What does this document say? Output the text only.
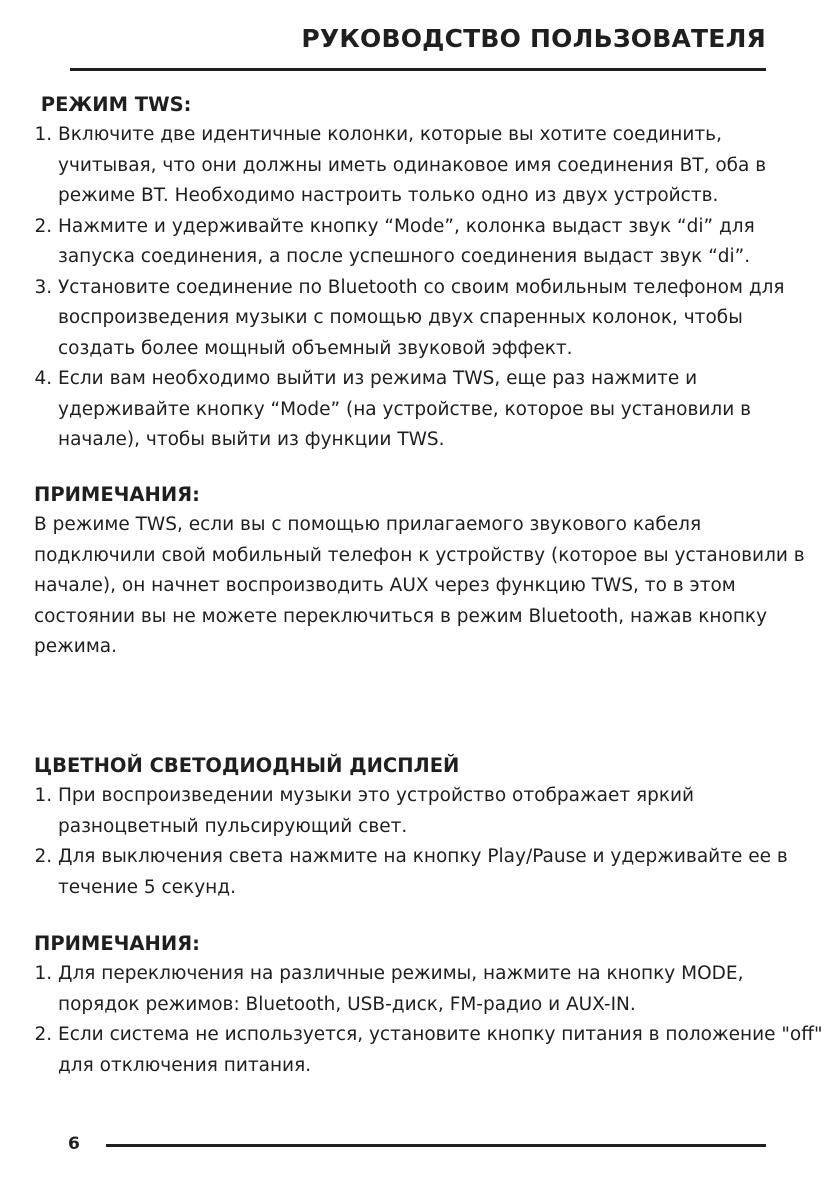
РУКОВОДСТВО ПОЛЬЗОВАТЕЛЯ
РЕЖИМ TWS:
1. Включите две идентичные колонки, которые вы хотите соединить, учитывая, что они должны иметь одинаковое имя соединения BT, оба в режиме BT. Необходимо настроить только одно из двух устройств.
2. Нажмите и удерживайте кнопку “Mode”, колонка выдаст звук “di” для запуска соединения, а после успешного соединения выдаст звук “di”.
3. Установите соединение по Bluetooth со своим мобильным телефоном для воспроизведения музыки с помощью двух спаренных колонок, чтобы создать более мощный объемный звуковой эффект.
4. Если вам необходимо выйти из режима TWS, еще раз нажмите и удерживайте кнопку “Mode” (на устройстве, которое вы установили в начале), чтобы выйти из функции TWS.
ПРИМЕЧАНИЯ:

В режиме TWS, если вы с помощью прилагаемого звукового кабеля подключили свой мобильный телефон к устройству (которое вы установили в начале), он начнет воспроизводить AUX через функцию TWS, то в этом состоянии вы не можете переключиться в режим Bluetooth, нажав кнопку режима.

ЦВЕТНОЙ СВЕТОДИОДНЫЙ ДИСПЛЕЙ
1. При воспроизведении музыки это устройство отображает яркий разноцветный пульсирующий свет.
2. Для выключения света нажмите на кнопку Play/Pause и удерживайте ее в течение 5 секунд.
ПРИМЕЧАНИЯ:
1. Для переключения на различные режимы, нажмите на кнопку MODE, порядок режимов: Bluetooth, USB-диск, FM-радио и AUX-IN.
2. Если система не используется, установите кнопку питания в положение "off" для отключения питания.
6
